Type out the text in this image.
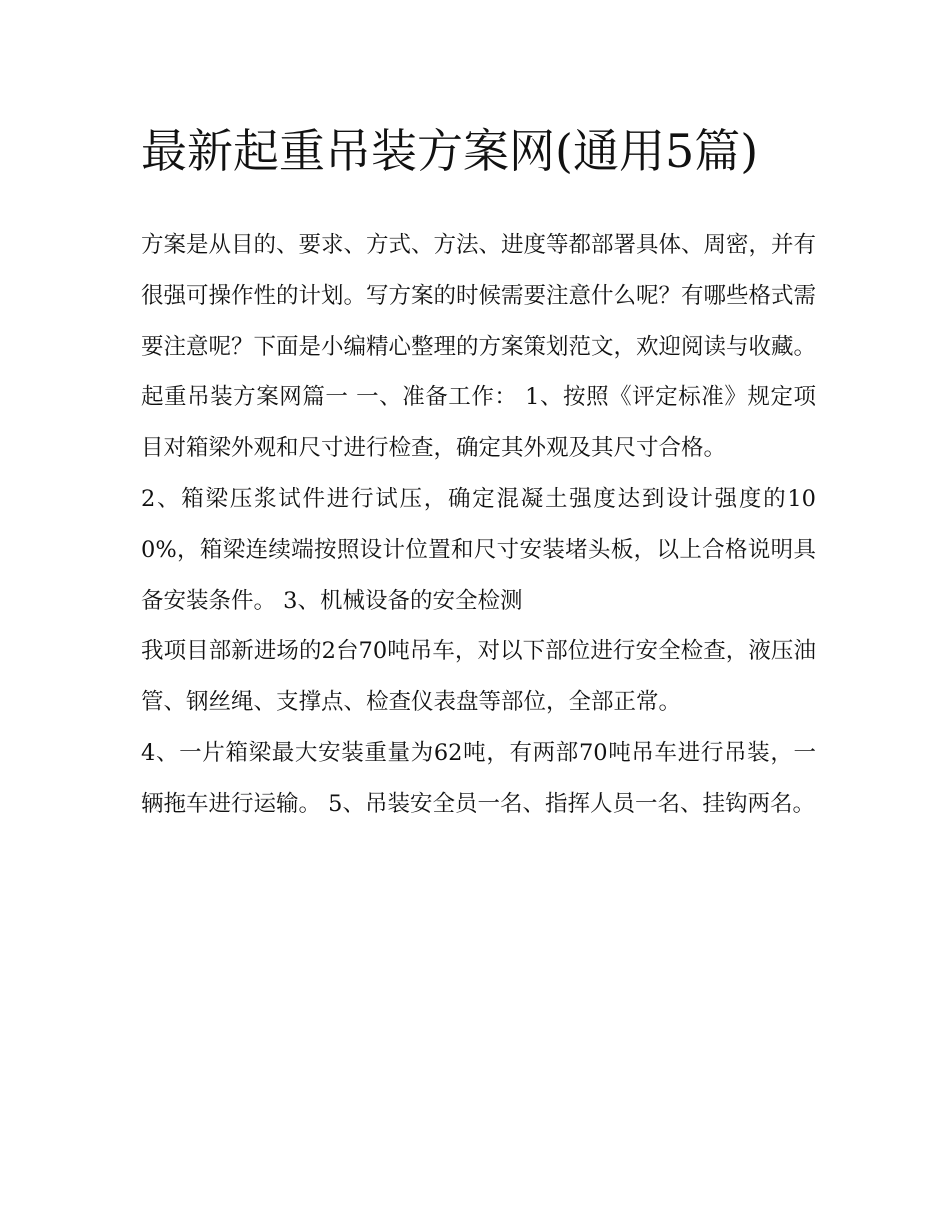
最新起重吊装方案网(通用5篇)

方案是从目的、要求、方式、方法、进度等都部署具体、周密，并有很强可操作性的计划。写方案的时候需要注意什么呢？有哪些格式需要注意呢？下面是小编精心整理的方案策划范文，欢迎阅读与收藏。

起重吊装方案网篇一 一、准备工作： 1、按照《评定标准》规定项目对箱梁外观和尺寸进行检查，确定其外观及其尺寸合格。

2、箱梁压浆试件进行试压，确定混凝土强度达到设计强度的100%，箱梁连续端按照设计位置和尺寸安装堵头板，以上合格说明具备安装条件。 3、机械设备的安全检测

我项目部新进场的2台70吨吊车，对以下部位进行安全检查，液压油管、钢丝绳、支撑点、检查仪表盘等部位，全部正常。

4、一片箱梁最大安装重量为62吨，有两部70吨吊车进行吊装，一辆拖车进行运输。 5、吊装安全员一名、指挥人员一名、挂钩两名。
